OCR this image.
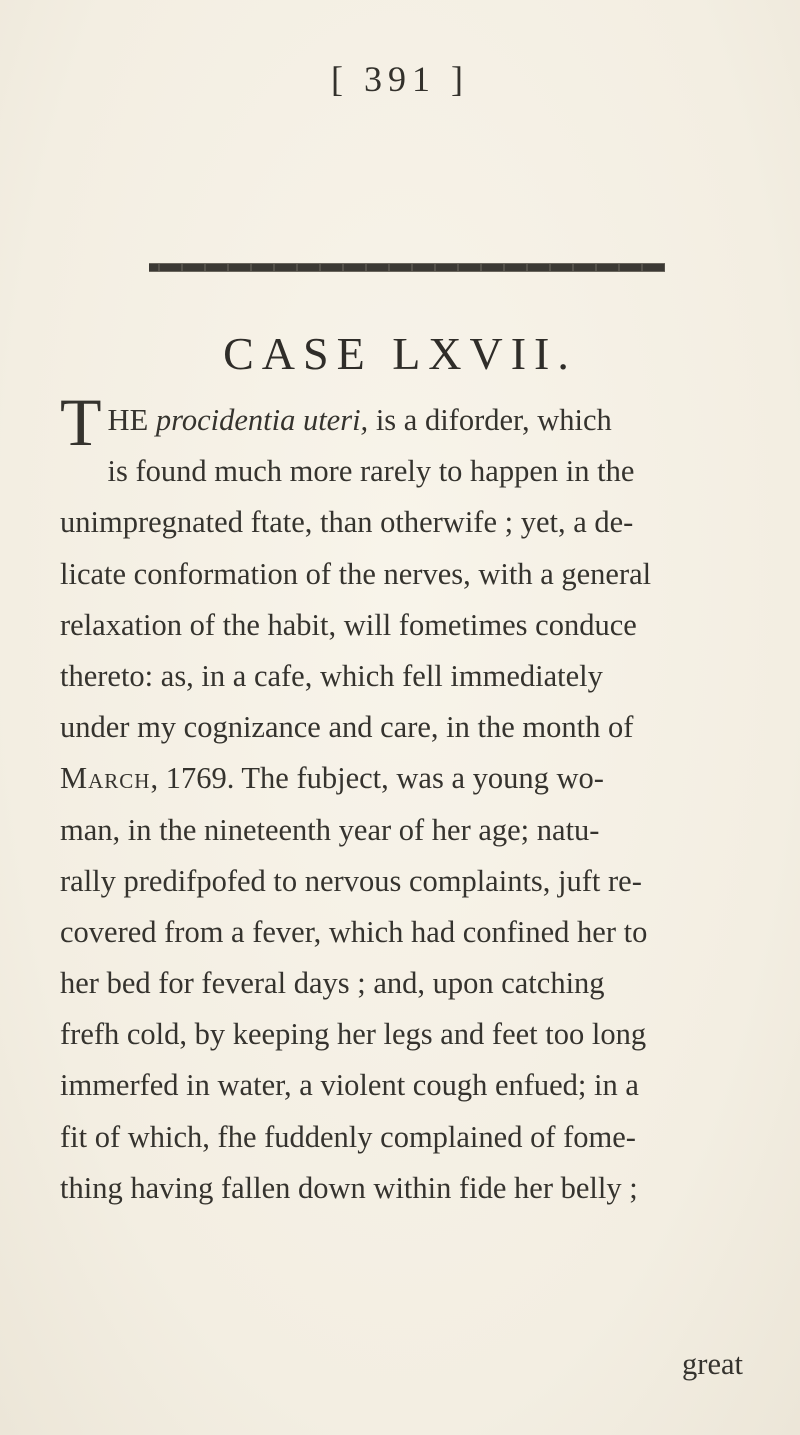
[ 391 ]
CASE LXVII.
THE procidentia uteri, is a diforder, which
is found much more rarely to happen in the
unimpregnated ftate, than otherwife ; yet, a de-
licate conformation of the nerves, with a general
relaxation of the habit, will fometimes conduce
thereto: as, in a cafe, which fell immediately
under my cognizance and care, in the month of
March, 1769. The fubject, was a young wo-
man, in the nineteenth year of her age; natu-
rally predifpofed to nervous complaints, juft re-
covered from a fever, which had confined her to
her bed for feveral days ; and, upon catching
frefh cold, by keeping her legs and feet too long
immerfed in water, a violent cough enfued; in a
fit of which, fhe fuddenly complained of fome-
thing having fallen down within fide her belly ;
great
